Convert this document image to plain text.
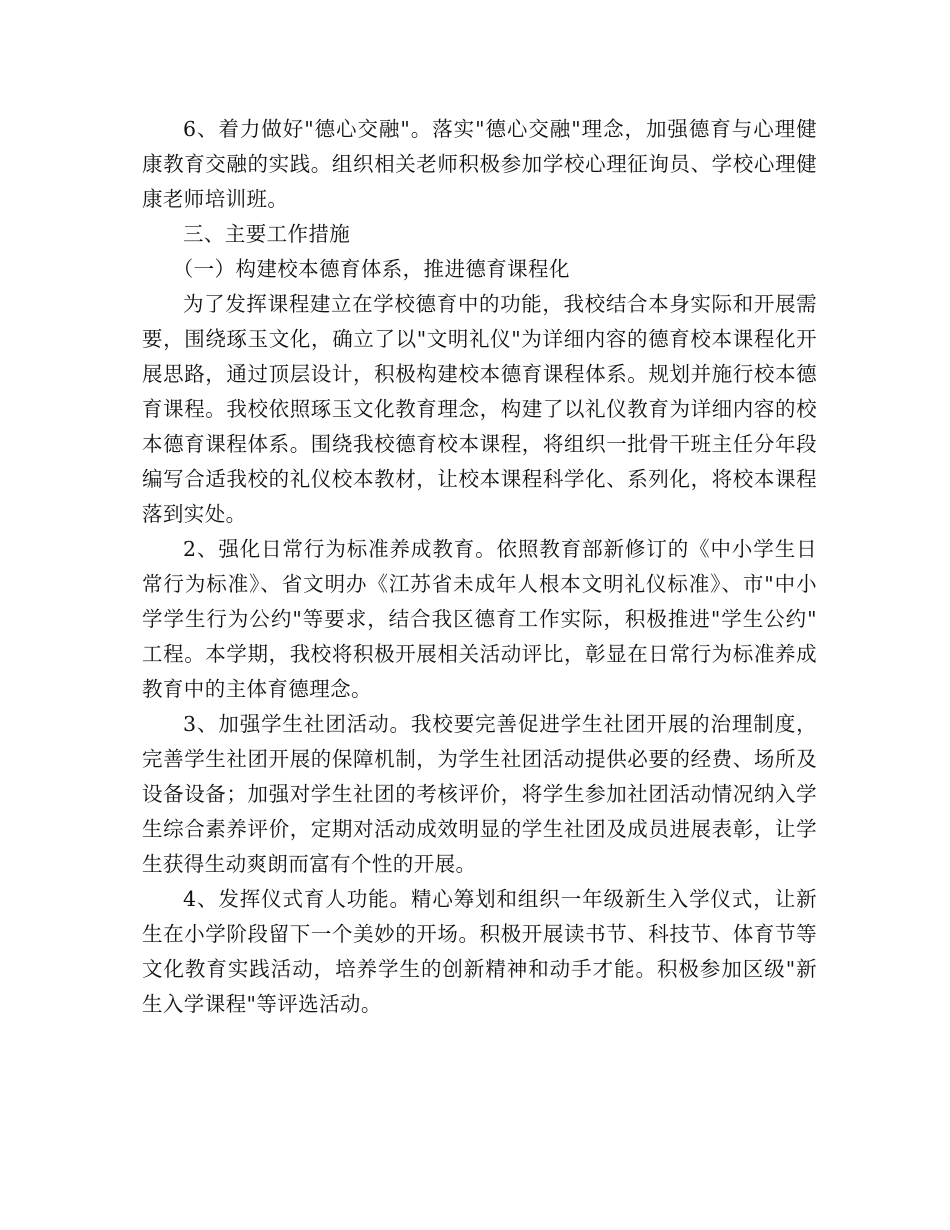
6、着力做好"德心交融"。落实"德心交融"理念，加强德育与心理健康教育交融的实践。组织相关老师积极参加学校心理征询员、学校心理健康老师培训班。

三、主要工作措施

（一）构建校本德育体系，推进德育课程化

为了发挥课程建立在学校德育中的功能，我校结合本身实际和开展需要，围绕琢玉文化，确立了以"文明礼仪"为详细内容的德育校本课程化开展思路，通过顶层设计，积极构建校本德育课程体系。规划并施行校本德育课程。我校依照琢玉文化教育理念，构建了以礼仪教育为详细内容的校本德育课程体系。围绕我校德育校本课程，将组织一批骨干班主任分年段编写合适我校的礼仪校本教材，让校本课程科学化、系列化，将校本课程落到实处。

2、强化日常行为标准养成教育。依照教育部新修订的《中小学生日常行为标准》、省文明办《江苏省未成年人根本文明礼仪标准》、市"中小学学生行为公约"等要求，结合我区德育工作实际，积极推进"学生公约"工程。本学期，我校将积极开展相关活动评比，彰显在日常行为标准养成教育中的主体育德理念。

3、加强学生社团活动。我校要完善促进学生社团开展的治理制度，完善学生社团开展的保障机制，为学生社团活动提供必要的经费、场所及设备设备；加强对学生社团的考核评价，将学生参加社团活动情况纳入学生综合素养评价，定期对活动成效明显的学生社团及成员进展表彰，让学生获得生动爽朗而富有个性的开展。

4、发挥仪式育人功能。精心筹划和组织一年级新生入学仪式，让新生在小学阶段留下一个美妙的开场。积极开展读书节、科技节、体育节等文化教育实践活动，培养学生的创新精神和动手才能。积极参加区级"新生入学课程"等评选活动。
